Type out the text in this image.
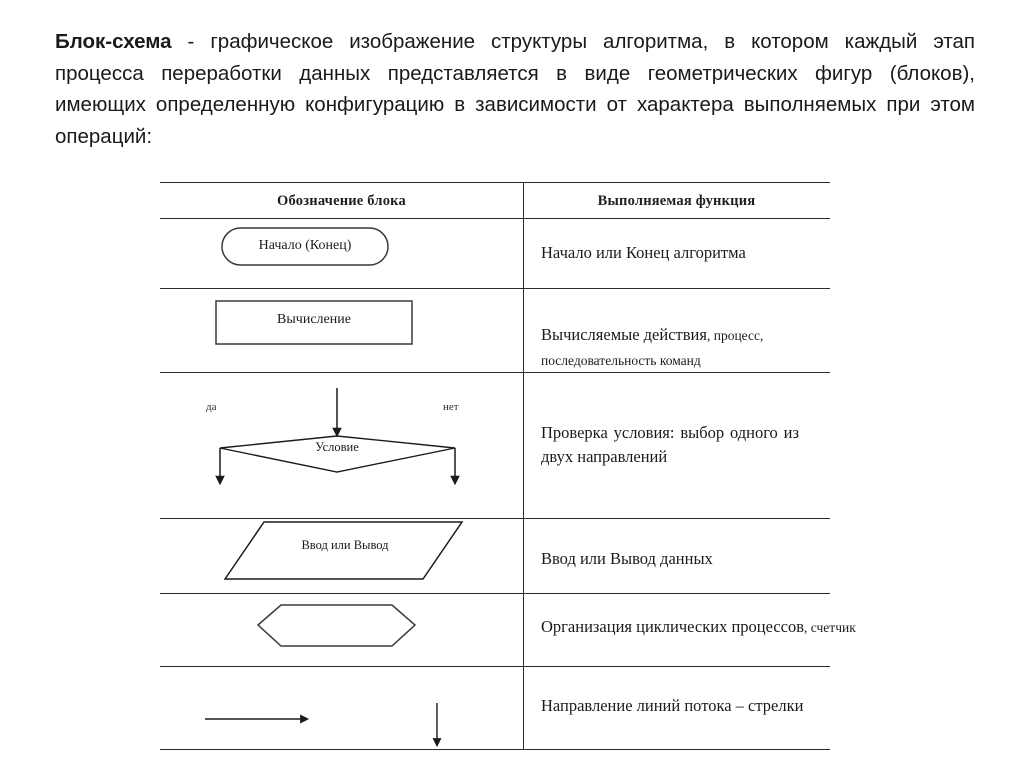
Блок-схема - графическое изображение структуры алгоритма, в котором каждый этап процесса переработки данных представляется в виде геометрических фигур (блоков), имеющих определенную конфигурацию в зависимости от характера выполняемых при этом операций:
Обозначение блока	Выполняемая функция
Начало (Конец)
Вычисление
Условие
да	нет
Ввод или Вывод
Начало или Конец алгоритма
Вычисляемые действия, процесс, последовательность команд
Проверка условия: выбор одного из двух направлений
Ввод или Вывод данных
Организация циклических процессов, счетчик
Направление линий потока – стрелки
